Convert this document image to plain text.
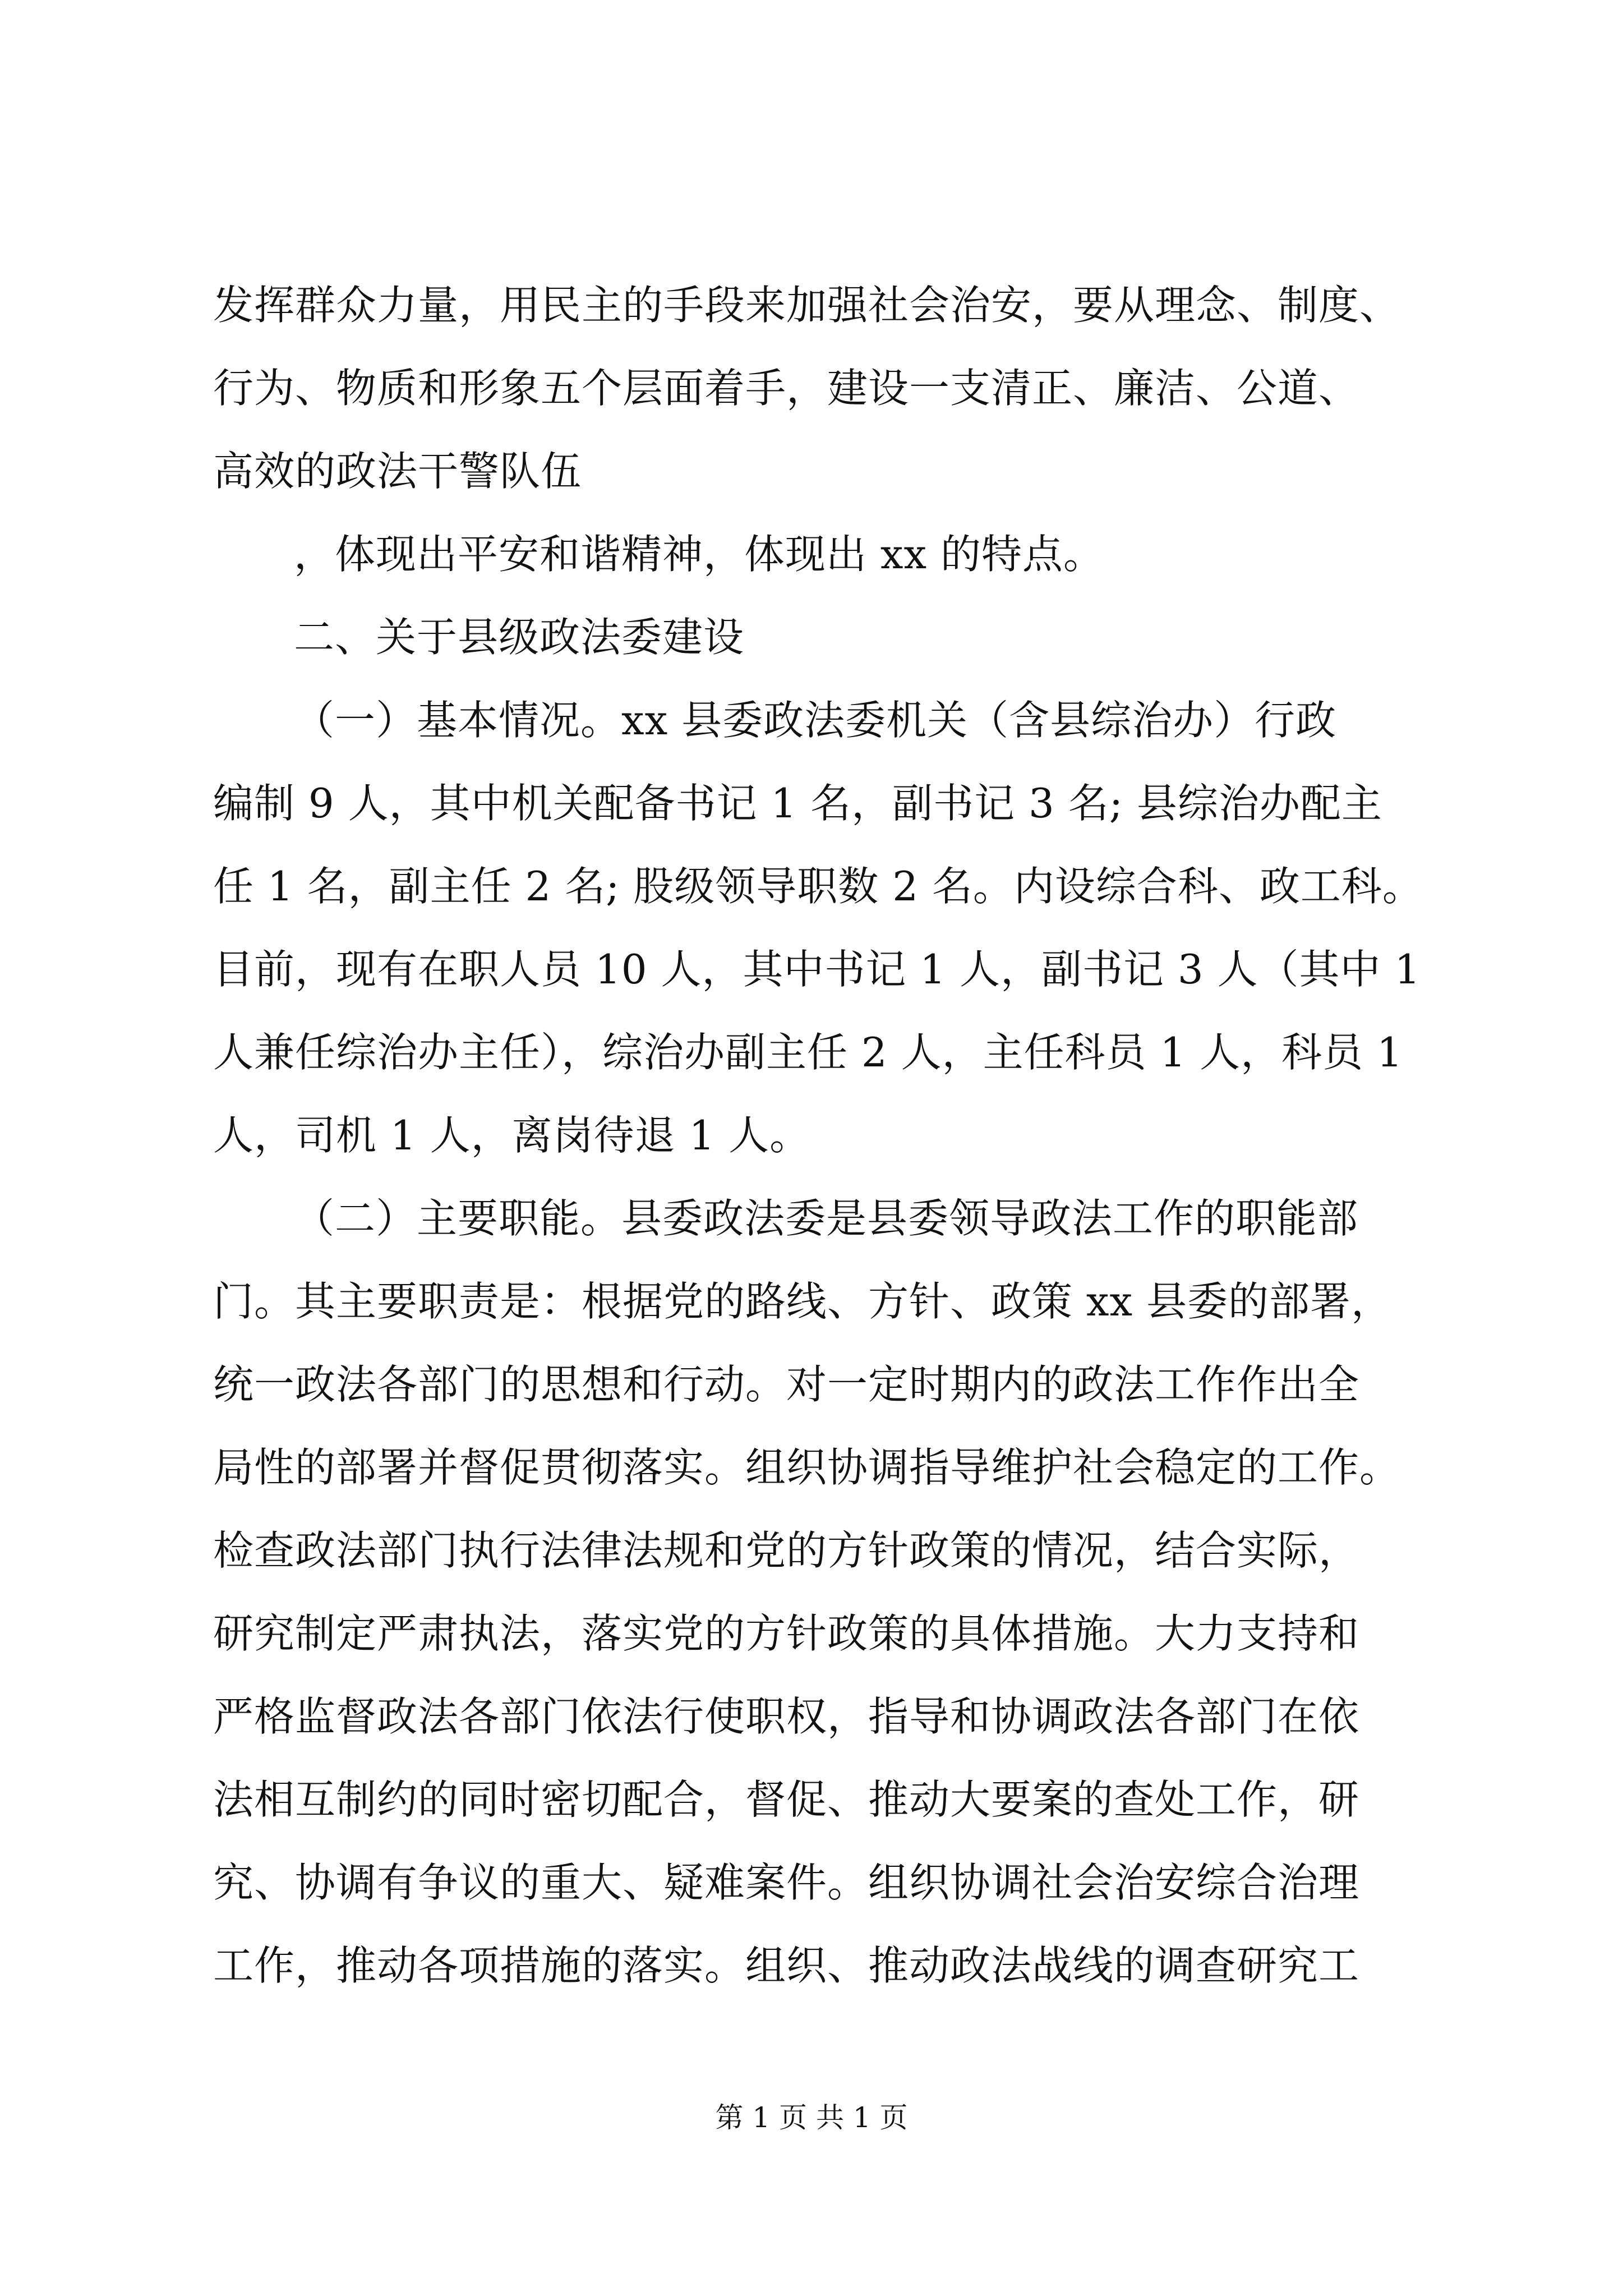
发挥群众力量，用民主的手段来加强社会治安，要从理念、制度、
行为、物质和形象五个层面着手，建设一支清正、廉洁、公道、
高效的政法干警队伍
，体现出平安和谐精神，体现出 xx 的特点。
二、关于县级政法委建设
（一）基本情况。xx 县委政法委机关（含县综治办）行政
编制 9 人，其中机关配备书记 1 名，副书记 3 名; 县综治办配主
任 1 名，副主任 2 名; 股级领导职数 2 名。内设综合科、政工科。
目前，现有在职人员 10 人，其中书记 1 人，副书记 3 人（其中 1
人兼任综治办主任），综治办副主任 2 人，主任科员 1 人，科员 1
人，司机 1 人，离岗待退 1 人。
（二）主要职能。县委政法委是县委领导政法工作的职能部
门。其主要职责是：根据党的路线、方针、政策 xx 县委的部署，
统一政法各部门的思想和行动。对一定时期内的政法工作作出全
局性的部署并督促贯彻落实。组织协调指导维护社会稳定的工作。
检查政法部门执行法律法规和党的方针政策的情况，结合实际，
研究制定严肃执法，落实党的方针政策的具体措施。大力支持和
严格监督政法各部门依法行使职权，指导和协调政法各部门在依
法相互制约的同时密切配合，督促、推动大要案的查处工作，研
究、协调有争议的重大、疑难案件。组织协调社会治安综合治理
工作，推动各项措施的落实。组织、推动政法战线的调查研究工
第 1 页 共 1 页
